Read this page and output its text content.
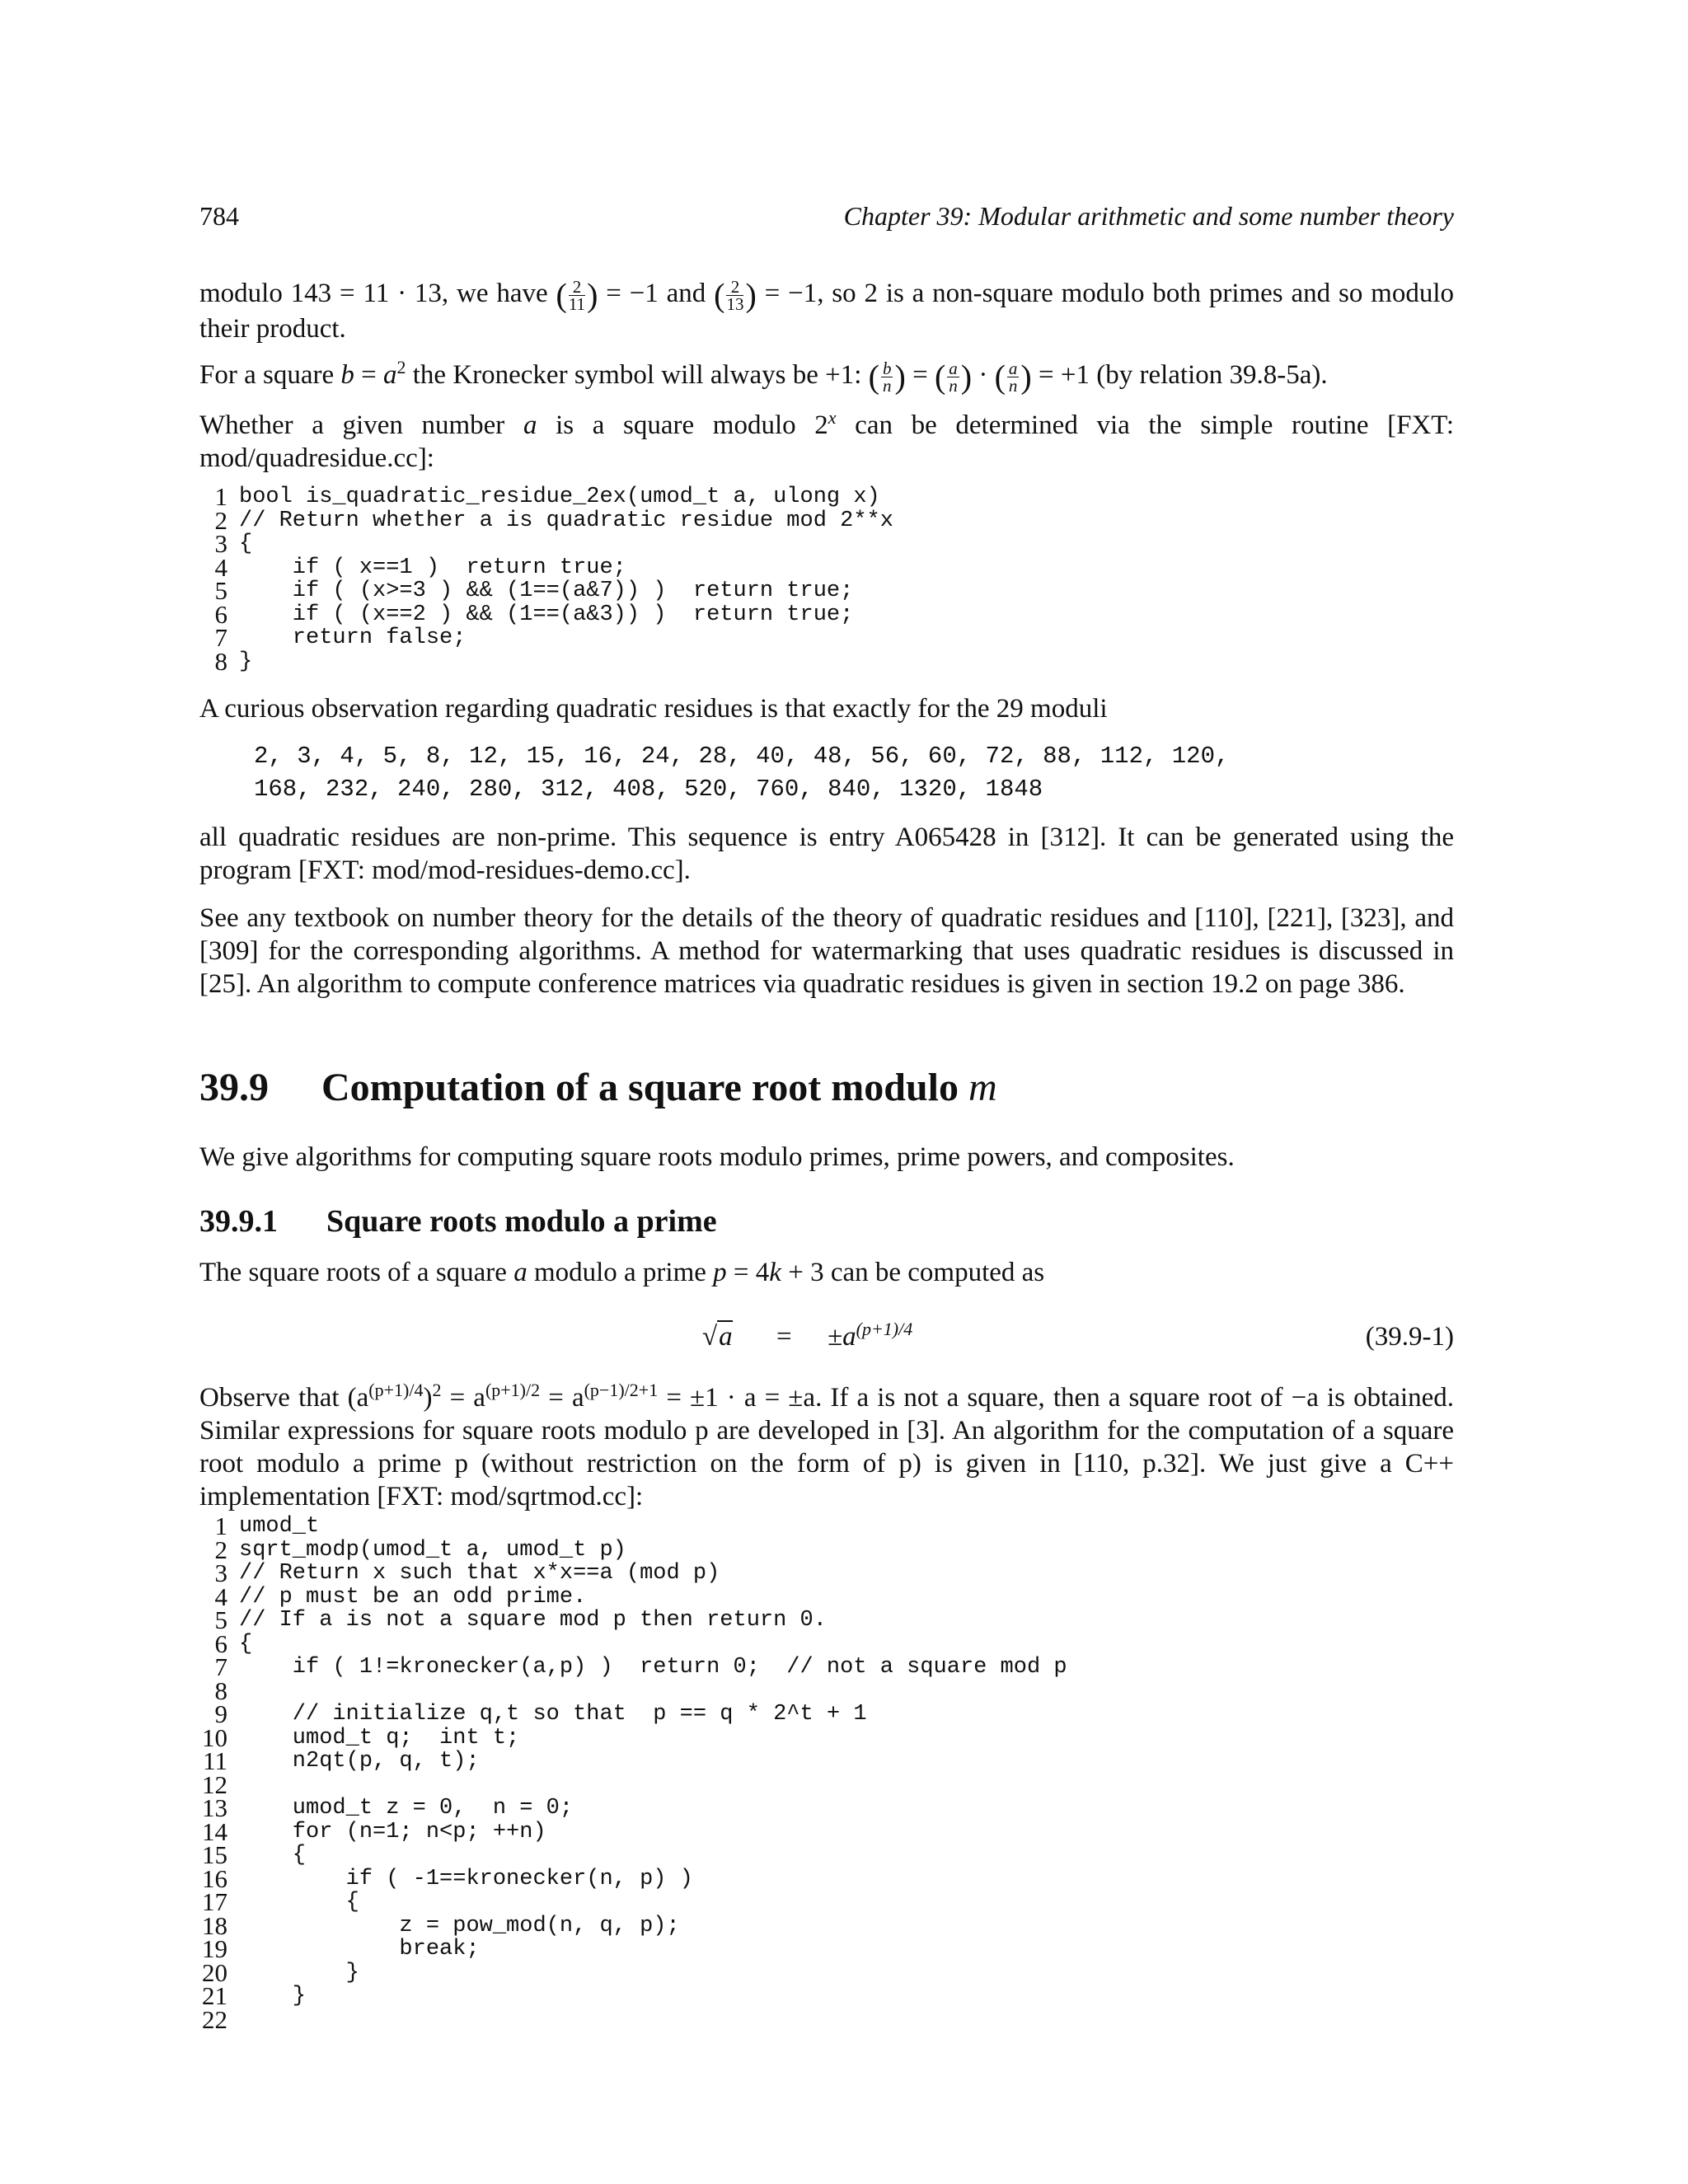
784	Chapter 39: Modular arithmetic and some number theory
modulo 143 = 11 · 13, we have ( $\frac{2}{11}$ ) = −1 and ( $\frac{2}{13}$ ) = −1, so 2 is a non-square modulo both primes and so modulo their product.
For a square $b = a^2$ the Kronecker symbol will always be +1: ( $\frac{b}{n}$ ) = ( $\frac{a}{n}$ ) · ( $\frac{a}{n}$ ) = +1 (by relation 39.8-5a).
Whether a given number a is a square modulo 2$^x$ can be determined via the simple routine [FXT: mod/quadresidue.cc]:
1 bool is_quadratic_residue_2ex(umod_t a, ulong x)
2 // Return whether a is quadratic residue mod 2**x
3 {
4 if ( x==1 )  return true;
5 if ( (x>=3 ) && (1==(a&7)) )  return true;
6 if ( (x==2 ) && (1==(a&3)) )  return true;
7 return false;
8 }
A curious observation regarding quadratic residues is that exactly for the 29 moduli
2, 3, 4, 5, 8, 12, 15, 16, 24, 28, 40, 48, 56, 60, 72, 88, 112, 120,
168, 232, 240, 280, 312, 408, 520, 760, 840, 1320, 1848
all quadratic residues are non-prime. This sequence is entry A065428 in [312]. It can be generated using the program [FXT: mod/mod-residues-demo.cc].
See any textbook on number theory for the details of the theory of quadratic residues and [110], [221], [323], and [309] for the corresponding algorithms. A method for watermarking that uses quadratic residues is discussed in [25]. An algorithm to compute conference matrices via quadratic residues is given in section 19.2 on page 386.
39.9 Computation of a square root modulo m
We give algorithms for computing square roots modulo primes, prime powers, and composites.
39.9.1 Square roots modulo a prime
The square roots of a square a modulo a prime p = 4k + 3 can be computed as
$√a = \pm a^{(p+1)/4}$	(39.9-1)
Observe that $(a^{(p+1)/4})^2 = a^{(p+1)/2} = a^{(p-1)/2+1} = \pm 1 \cdot a = \pm a$. If a is not a square, then a square root of −a is obtained. Similar expressions for square roots modulo p are developed in [3]. An algorithm for the computation of a square root modulo a prime p (without restriction on the form of p) is given in [110, p.32]. We just give a C++ implementation [FXT: mod/sqrtmod.cc]:
1 umod_t
2 sqrt_modp(umod_t a, umod_t p)
3 // Return x such that x*x==a (mod p)
4 // p must be an odd prime.
5 // If a is not a square mod p then return 0.
6 {
7 if ( 1!=kronecker(a,p) )  return 0;  // not a square mod p
8
9 // initialize q,t so that  p == q * 2^t + 1
10 umod_t q;  int t;
11 n2qt(p, q, t);
12
13 umod_t z = 0,  n = 0;
14 for (n=1; n<p; ++n)
15 {
16 if ( -1==kronecker(n, p) )
17 {
18 z = pow_mod(n, q, p);
19 break;
20 }
21 }
22
